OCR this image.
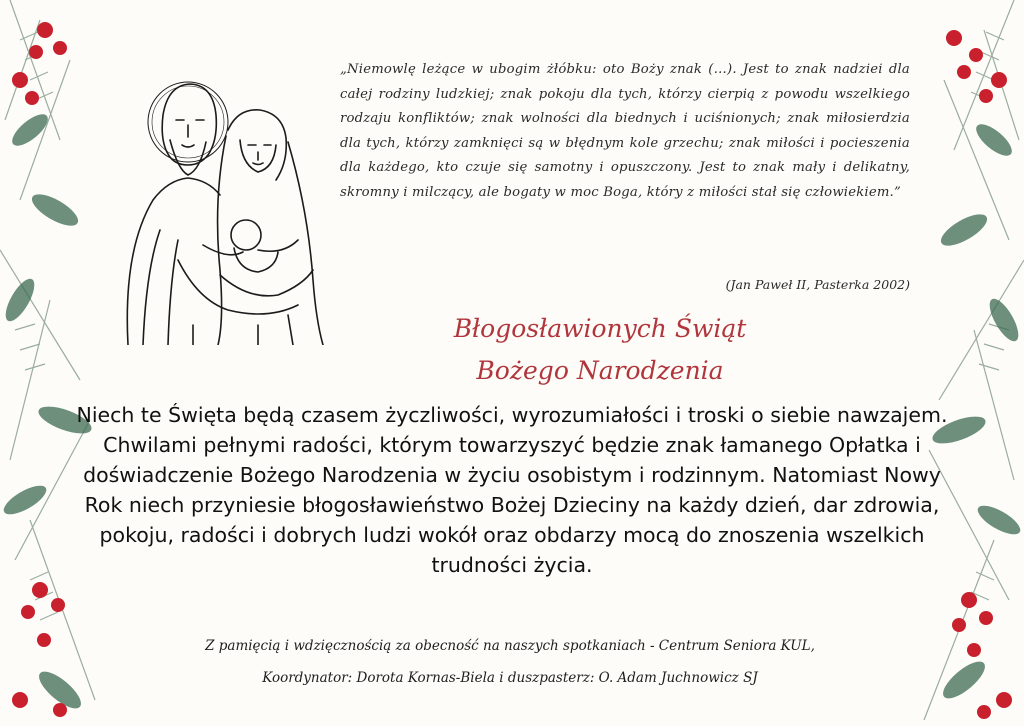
„Niemowlę leżące w ubogim żłóbku: oto Boży znak (…). Jest to znak nadziei dla całej rodziny ludzkiej; znak pokoju dla tych, którzy cierpią z powodu wszelkiego rodzaju konfliktów; znak wolności dla biednych i uciśnionych; znak miłosierdzia dla tych, którzy zamknięci są w błędnym kole grzechu; znak miłości i pocieszenia dla każdego, kto czuje się samotny i opuszczony. Jest to znak mały i delikatny, skromny i milczący, ale bogaty w moc Boga, który z miłości stał się człowiekiem.”
(Jan Paweł II, Pasterka 2002)
Błogosławionych Świąt
Bożego Narodzenia
Niech te Święta będą czasem życzliwości, wyrozumiałości i troski o siebie nawzajem. Chwilami pełnymi radości, którym towarzyszyć będzie znak łamanego Opłatka i doświadczenie Bożego Narodzenia w życiu osobistym i rodzinnym. Natomiast Nowy Rok niech przyniesie błogosławieństwo Bożej Dzieciny na każdy dzień, dar zdrowia, pokoju, radości i dobrych ludzi wokół oraz obdarzy mocą do znoszenia wszelkich trudności życia.
Z pamięcią i wdzięcznością za obecność na naszych spotkaniach - Centrum Seniora KUL,
Koordynator: Dorota Kornas-Biela i duszpasterz: O. Adam Juchnowicz SJ
